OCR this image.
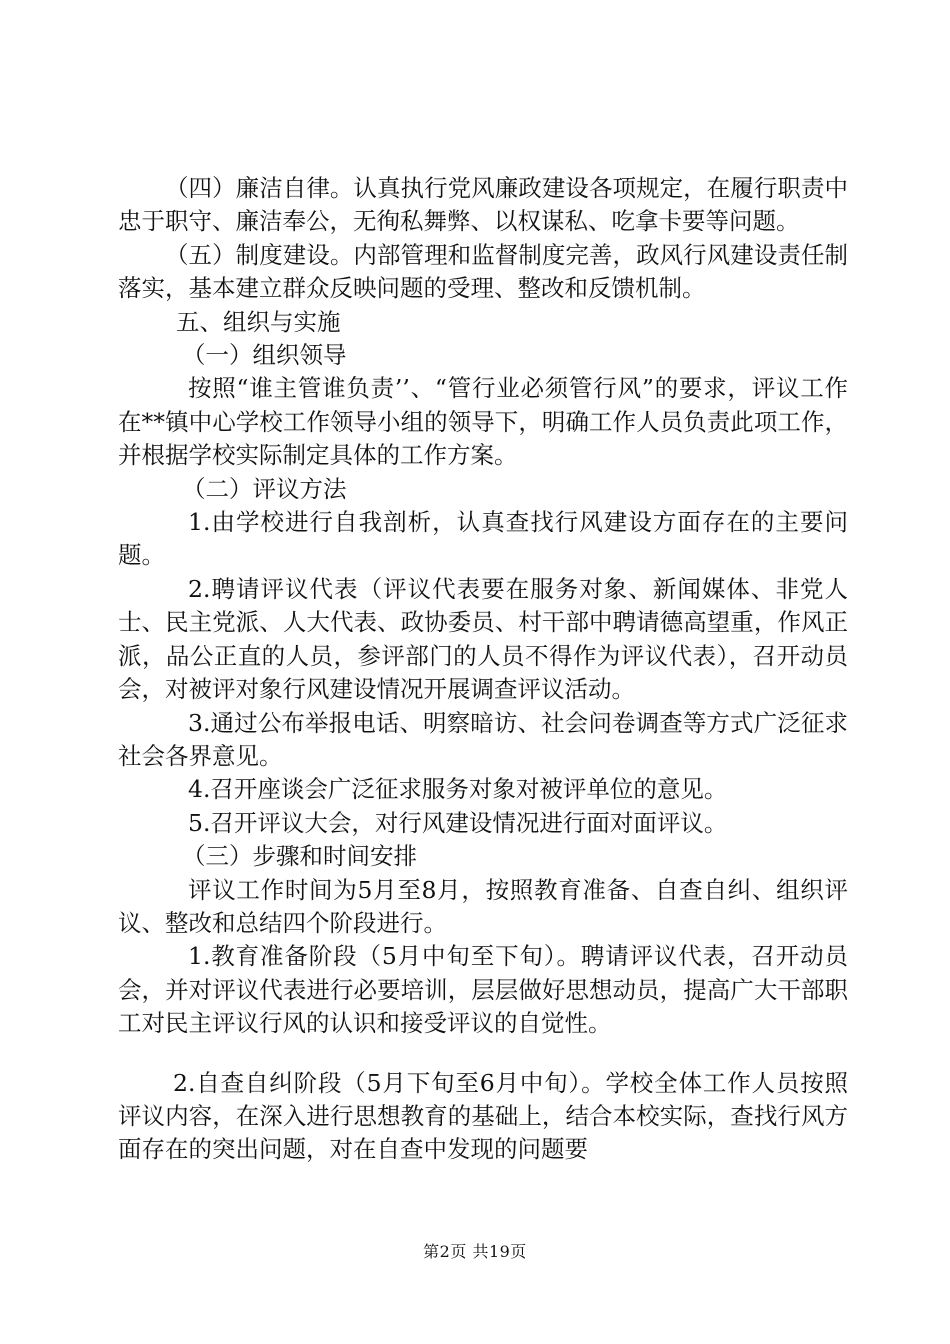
（四）廉洁自律。认真执行党风廉政建设各项规定，在履行职责中忠于职守、廉洁奉公，无徇私舞弊、以权谋私、吃拿卡要等问题。

（五）制度建设。内部管理和监督制度完善，政风行风建设责任制落实，基本建立群众反映问题的受理、整改和反馈机制。

五、组织与实施

（一）组织领导

按照“谁主管谁负责’’、“管行业必须管行风”的要求，评议工作在**镇中心学校工作领导小组的领导下，明确工作人员负责此项工作，并根据学校实际制定具体的工作方案。

（二）评议方法

1.由学校进行自我剖析，认真查找行风建设方面存在的主要问题。

2.聘请评议代表（评议代表要在服务对象、新闻媒体、非党人士、民主党派、人大代表、政协委员、村干部中聘请德高望重，作风正派，品公正直的人员，参评部门的人员不得作为评议代表），召开动员会，对被评对象行风建设情况开展调查评议活动。

3.通过公布举报电话、明察暗访、社会问卷调查等方式广泛征求社会各界意见。

4.召开座谈会广泛征求服务对象对被评单位的意见。

5.召开评议大会，对行风建设情况进行面对面评议。

（三）步骤和时间安排

评议工作时间为5月至8月，按照教育准备、自查自纠、组织评议、整改和总结四个阶段进行。

1.教育准备阶段（5月中旬至下旬）。聘请评议代表，召开动员会，并对评议代表进行必要培训，层层做好思想动员，提高广大干部职工对民主评议行风的认识和接受评议的自觉性。

2.自查自纠阶段（5月下旬至6月中旬）。学校全体工作人员按照评议内容，在深入进行思想教育的基础上，结合本校实际，查找行风方面存在的突出问题，对在自查中发现的问题要

第2页 共19页
